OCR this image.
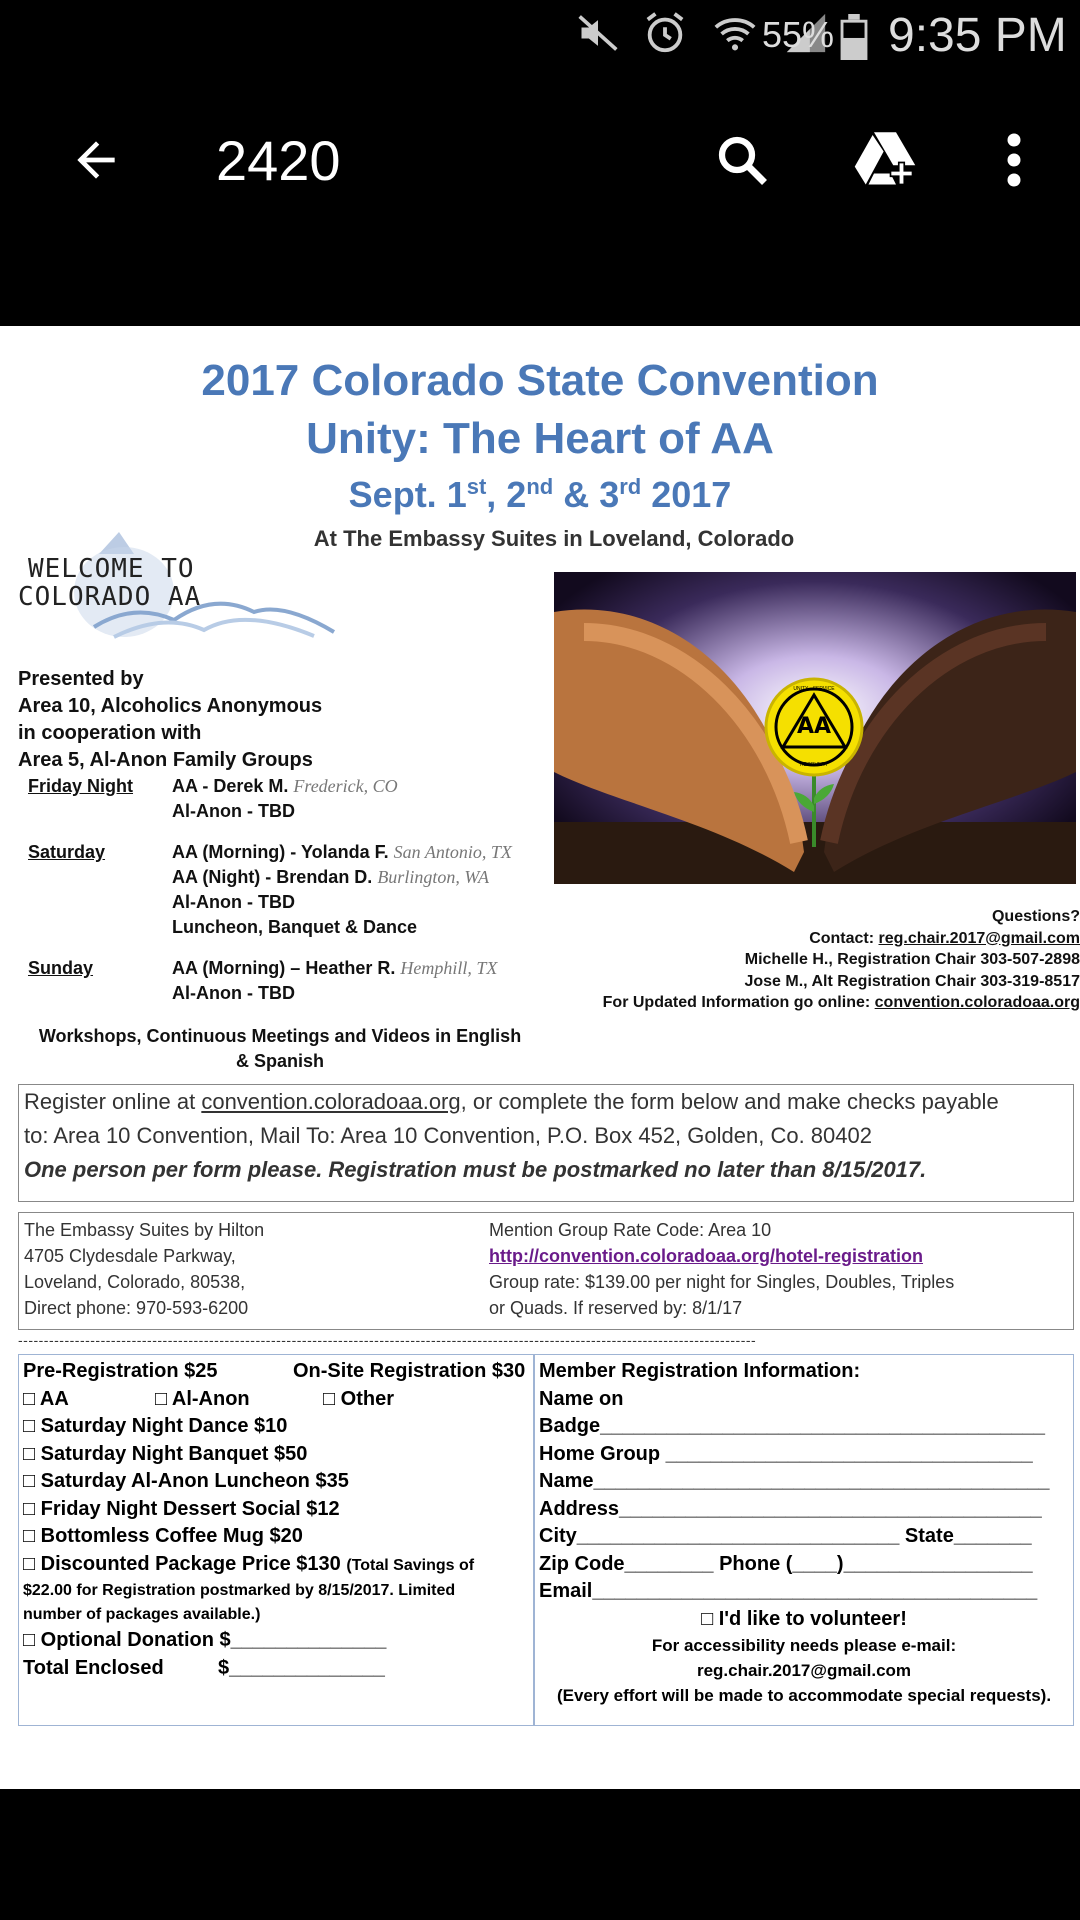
55% 9:35 PM
2420
2017 Colorado State Convention
Unity: The Heart of AA
Sept. 1st, 2nd & 3rd 2017
At The Embassy Suites in Loveland, Colorado
WELCOME TO
COLORADO AA
Presented by
Area 10, Alcoholics Anonymous
in cooperation with
Area 5, Al-Anon Family Groups
Friday Night AA - Derek M. Frederick, CO
Al-Anon - TBD
Saturday	AA (Morning) - Yolanda F. San Antonio, TX
AA (Night) - Brendan D. Burlington, WA
Al-Anon - TBD
Luncheon, Banquet & Dance
Sunday	AA (Morning) – Heather R. Hemphill, TX
Al-Anon - TBD
Workshops, Continuous Meetings and Videos in English
& Spanish
AA
UNITY · SERVICE
RECOVERY
Questions?
Contact: reg.chair.2017@gmail.com
Michelle H., Registration Chair 303-507-2898
Jose M., Alt Registration Chair 303-319-8517
For Updated Information go online: convention.coloradoaa.org
Register online at convention.coloradoaa.org, or complete the form below and make checks payable
to: Area 10 Convention, Mail To: Area 10 Convention, P.O. Box 452, Golden, Co. 80402
One person per form please. Registration must be postmarked no later than 8/15/2017.
The Embassy Suites by Hilton
4705 Clydesdale Parkway,
Loveland, Colorado, 80538,
Direct phone: 970-593-6200
Mention Group Rate Code: Area 10
http://convention.coloradoaa.org/hotel-registration
Group rate: $139.00 per night for Singles, Doubles, Triples
or Quads. If reserved by: 8/1/17
-----------------------------------------------------------------------------------------------------------------------------------------------
Pre-Registration $25	On-Site Registration $30
□ AA	□ Al-Anon	□ Other
□ Saturday Night Dance $10
□ Saturday Night Banquet $50
□ Saturday Al-Anon Luncheon $35
□ Friday Night Dessert Social $12
□ Bottomless Coffee Mug $20
□ Discounted Package Price $130 (Total Savings of
$22.00 for Registration postmarked by 8/15/2017. Limited
number of packages available.)
□ Optional Donation $______________
Total Enclosed	$______________
Member Registration Information:
Name on
Badge________________________________________
Home Group _________________________________
Name_________________________________________
Address______________________________________
City_____________________________ State_______
Zip Code________ Phone (____)_________________
Email________________________________________
□ I'd like to volunteer!
For accessibility needs please e-mail:
reg.chair.2017@gmail.com
(Every effort will be made to accommodate special requests).
